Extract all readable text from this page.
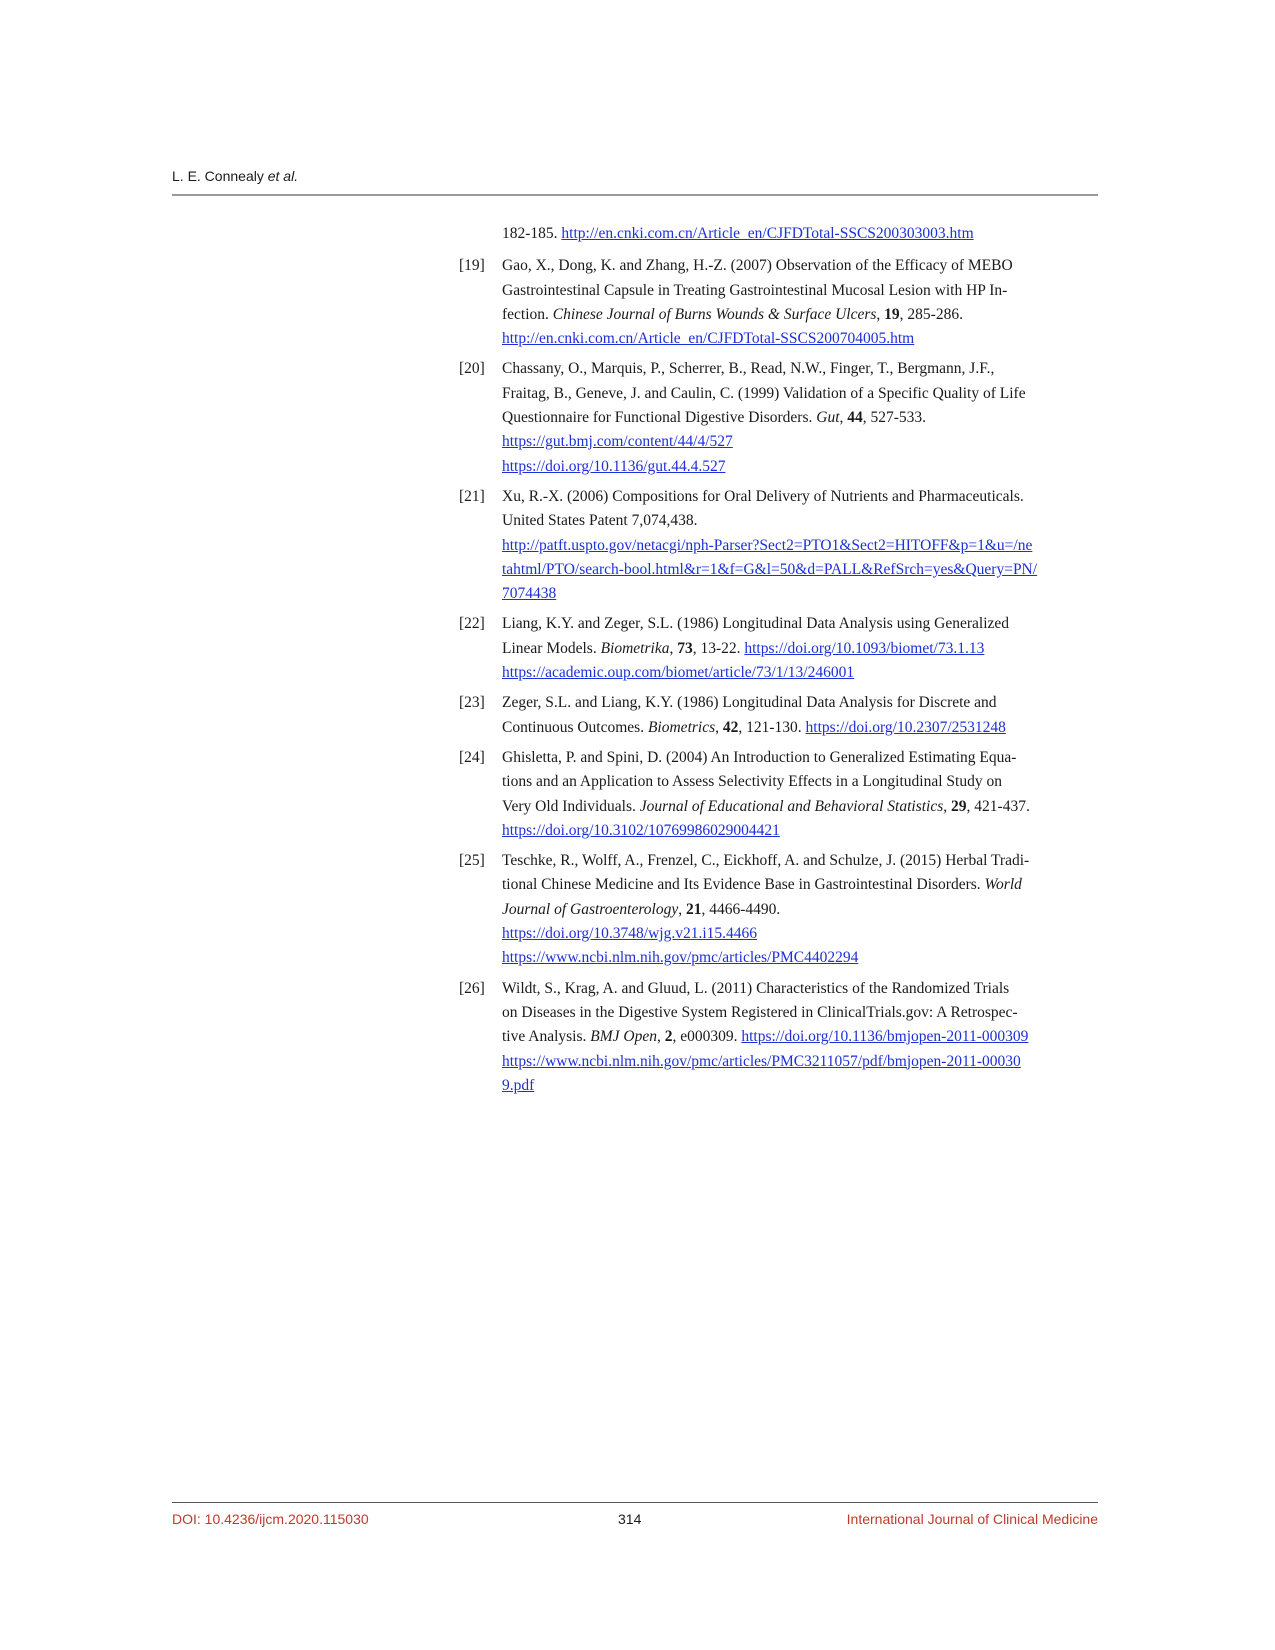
L. E. Connealy et al.
182-185. http://en.cnki.com.cn/Article_en/CJFDTotal-SSCS200303003.htm
[19] Gao, X., Dong, K. and Zhang, H.-Z. (2007) Observation of the Efficacy of MEBO
Gastrointestinal Capsule in Treating Gastrointestinal Mucosal Lesion with HP In-
fection. Chinese Journal of Burns Wounds & Surface Ulcers, 19, 285-286.
http://en.cnki.com.cn/Article_en/CJFDTotal-SSCS200704005.htm
[20] Chassany, O., Marquis, P., Scherrer, B., Read, N.W., Finger, T., Bergmann, J.F.,
Fraitag, B., Geneve, J. and Caulin, C. (1999) Validation of a Specific Quality of Life
Questionnaire for Functional Digestive Disorders. Gut, 44, 527-533.
https://gut.bmj.com/content/44/4/527
https://doi.org/10.1136/gut.44.4.527
[21] Xu, R.-X. (2006) Compositions for Oral Delivery of Nutrients and Pharmaceuticals.
United States Patent 7,074,438.
http://patft.uspto.gov/netacgi/nph-Parser?Sect2=PTO1&Sect2=HITOFF&p=1&u=/ne
tahtml/PTO/search-bool.html&r=1&f=G&l=50&d=PALL&RefSrch=yes&Query=PN/
7074438
[22] Liang, K.Y. and Zeger, S.L. (1986) Longitudinal Data Analysis using Generalized
Linear Models. Biometrika, 73, 13-22. https://doi.org/10.1093/biomet/73.1.13
https://academic.oup.com/biomet/article/73/1/13/246001
[23] Zeger, S.L. and Liang, K.Y. (1986) Longitudinal Data Analysis for Discrete and
Continuous Outcomes. Biometrics, 42, 121-130. https://doi.org/10.2307/2531248
[24] Ghisletta, P. and Spini, D. (2004) An Introduction to Generalized Estimating Equa-
tions and an Application to Assess Selectivity Effects in a Longitudinal Study on
Very Old Individuals. Journal of Educational and Behavioral Statistics, 29, 421-437.
https://doi.org/10.3102/10769986029004421
[25] Teschke, R., Wolff, A., Frenzel, C., Eickhoff, A. and Schulze, J. (2015) Herbal Tradi-
tional Chinese Medicine and Its Evidence Base in Gastrointestinal Disorders. World
Journal of Gastroenterology, 21, 4466-4490.
https://doi.org/10.3748/wjg.v21.i15.4466
https://www.ncbi.nlm.nih.gov/pmc/articles/PMC4402294
[26] Wildt, S., Krag, A. and Gluud, L. (2011) Characteristics of the Randomized Trials
on Diseases in the Digestive System Registered in ClinicalTrials.gov: A Retrospec-
tive Analysis. BMJ Open, 2, e000309. https://doi.org/10.1136/bmjopen-2011-000309
https://www.ncbi.nlm.nih.gov/pmc/articles/PMC3211057/pdf/bmjopen-2011-00030
9.pdf
DOI: 10.4236/ijcm.2020.115030	314	International Journal of Clinical Medicine
